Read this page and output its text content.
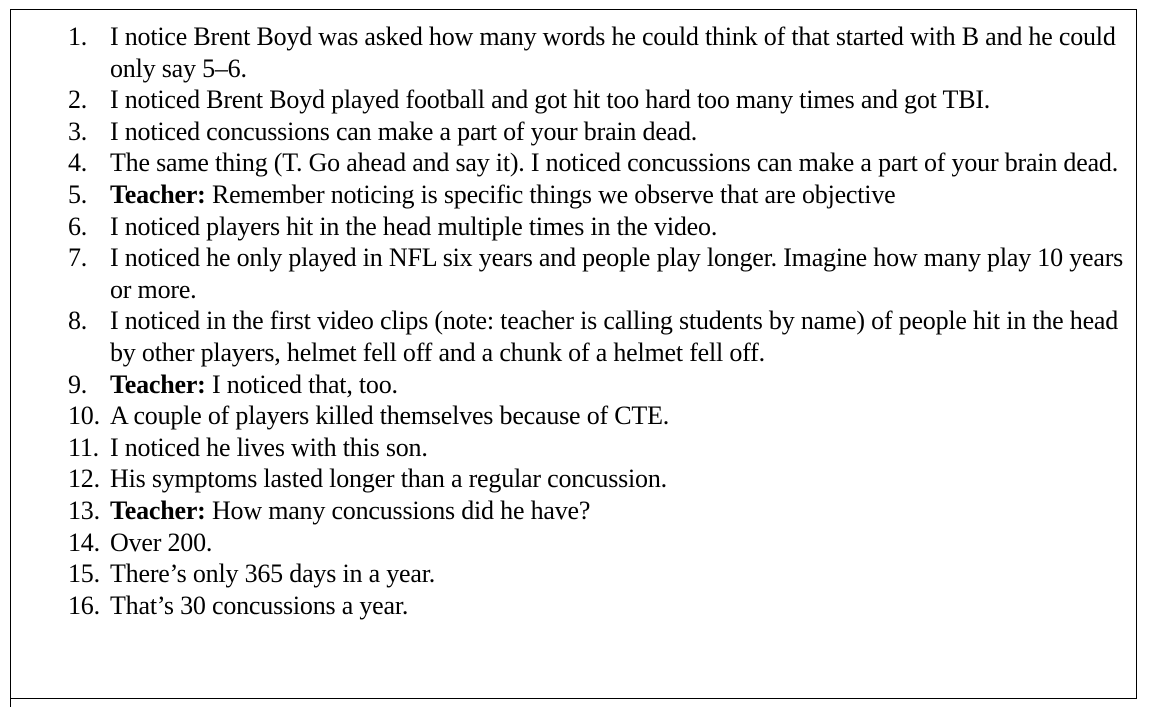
1. I notice Brent Boyd was asked how many words he could think of that started with B and he could only say 5–6.
2. I noticed Brent Boyd played football and got hit too hard too many times and got TBI.
3. I noticed concussions can make a part of your brain dead.
4. The same thing (T. Go ahead and say it). I noticed concussions can make a part of your brain dead.
5. Teacher: Remember noticing is specific things we observe that are objective
6. I noticed players hit in the head multiple times in the video.
7. I noticed he only played in NFL six years and people play longer. Imagine how many play 10 years or more.
8. I noticed in the first video clips (note: teacher is calling students by name) of people hit in the head by other players, helmet fell off and a chunk of a helmet fell off.
9. Teacher: I noticed that, too.
10. A couple of players killed themselves because of CTE.
11. I noticed he lives with this son.
12. His symptoms lasted longer than a regular concussion.
13. Teacher: How many concussions did he have?
14. Over 200.
15. There’s only 365 days in a year.
16. That’s 30 concussions a year.
